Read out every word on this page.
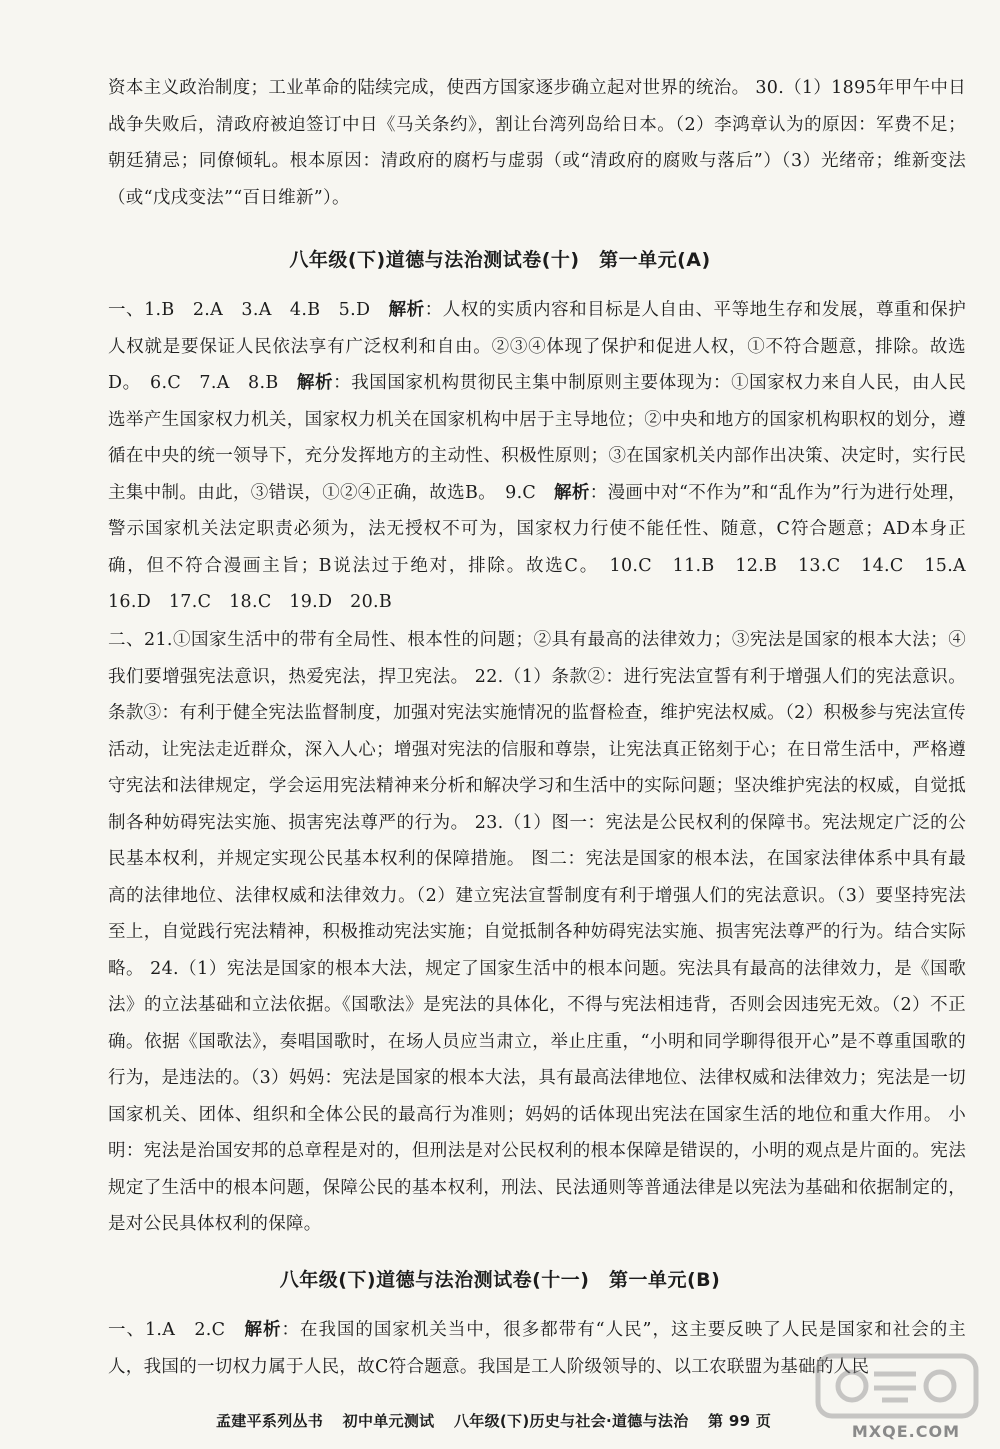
资本主义政治制度；工业革命的陆续完成，使西方国家逐步确立起对世界的统治。 30.（1）1895年甲午中日战争失败后，清政府被迫签订中日《马关条约》，割让台湾列岛给日本。（2）李鸿章认为的原因：军费不足；朝廷猜忌；同僚倾轧。根本原因：清政府的腐朽与虚弱（或“清政府的腐败与落后”）（3）光绪帝；维新变法（或“戊戌变法”“百日维新”）。
八年级(下)道德与法治测试卷(十)　第一单元(A)
一、1.B　2.A　3.A　4.B　5.D　解析：人权的实质内容和目标是人自由、平等地生存和发展，尊重和保护人权就是要保证人民依法享有广泛权利和自由。②③④体现了保护和促进人权，①不符合题意，排除。故选D。　6.C　7.A　8.B　解析：我国国家机构贯彻民主集中制原则主要体现为：①国家权力来自人民，由人民选举产生国家权力机关，国家权力机关在国家机构中居于主导地位；②中央和地方的国家机构职权的划分，遵循在中央的统一领导下，充分发挥地方的主动性、积极性原则；③在国家机关内部作出决策、决定时，实行民主集中制。由此，③错误，①②④正确，故选B。　9.C　解析：漫画中对“不作为”和“乱作为”行为进行处理，警示国家机关法定职责必须为，法无授权不可为，国家权力行使不能任性、随意，C符合题意；AD本身正确，但不符合漫画主旨；B说法过于绝对，排除。故选C。　10.C　11.B　12.B　13.C　14.C　15.A　16.D　17.C　18.C　19.D　20.B
二、21.①国家生活中的带有全局性、根本性的问题；②具有最高的法律效力；③宪法是国家的根本大法；④我们要增强宪法意识，热爱宪法，捍卫宪法。 22.（1）条款②：进行宪法宣誓有利于增强人们的宪法意识。 条款③：有利于健全宪法监督制度，加强对宪法实施情况的监督检查，维护宪法权威。（2）积极参与宪法宣传活动，让宪法走近群众，深入人心；增强对宪法的信服和尊崇，让宪法真正铭刻于心；在日常生活中，严格遵守宪法和法律规定，学会运用宪法精神来分析和解决学习和生活中的实际问题；坚决维护宪法的权威，自觉抵制各种妨碍宪法实施、损害宪法尊严的行为。 23.（1）图一：宪法是公民权利的保障书。宪法规定广泛的公民基本权利，并规定实现公民基本权利的保障措施。 图二：宪法是国家的根本法，在国家法律体系中具有最高的法律地位、法律权威和法律效力。（2）建立宪法宣誓制度有利于增强人们的宪法意识。（3）要坚持宪法至上，自觉践行宪法精神，积极推动宪法实施；自觉抵制各种妨碍宪法实施、损害宪法尊严的行为。结合实际略。 24.（1）宪法是国家的根本大法，规定了国家生活中的根本问题。宪法具有最高的法律效力，是《国歌法》的立法基础和立法依据。《国歌法》是宪法的具体化，不得与宪法相违背，否则会因违宪无效。（2）不正确。依据《国歌法》，奏唱国歌时，在场人员应当肃立，举止庄重，“小明和同学聊得很开心”是不尊重国歌的行为，是违法的。（3）妈妈：宪法是国家的根本大法，具有最高法律地位、法律权威和法律效力；宪法是一切国家机关、团体、组织和全体公民的最高行为准则；妈妈的话体现出宪法在国家生活的地位和重大作用。 小明：宪法是治国安邦的总章程是对的，但刑法是对公民权利的根本保障是错误的，小明的观点是片面的。宪法规定了生活中的根本问题，保障公民的基本权利，刑法、民法通则等普通法律是以宪法为基础和依据制定的，是对公民具体权利的保障。
八年级(下)道德与法治测试卷(十一)　第一单元(B)
一、1.A　2.C　解析：在我国的国家机关当中，很多都带有“人民”，这主要反映了人民是国家和社会的主人，我国的一切权力属于人民，故C符合题意。我国是工人阶级领导的、以工农联盟为基础的人民
MXQE.COM
孟建平系列丛书 初中单元测试 八年级(下)历史与社会·道德与法治 第 99 页
